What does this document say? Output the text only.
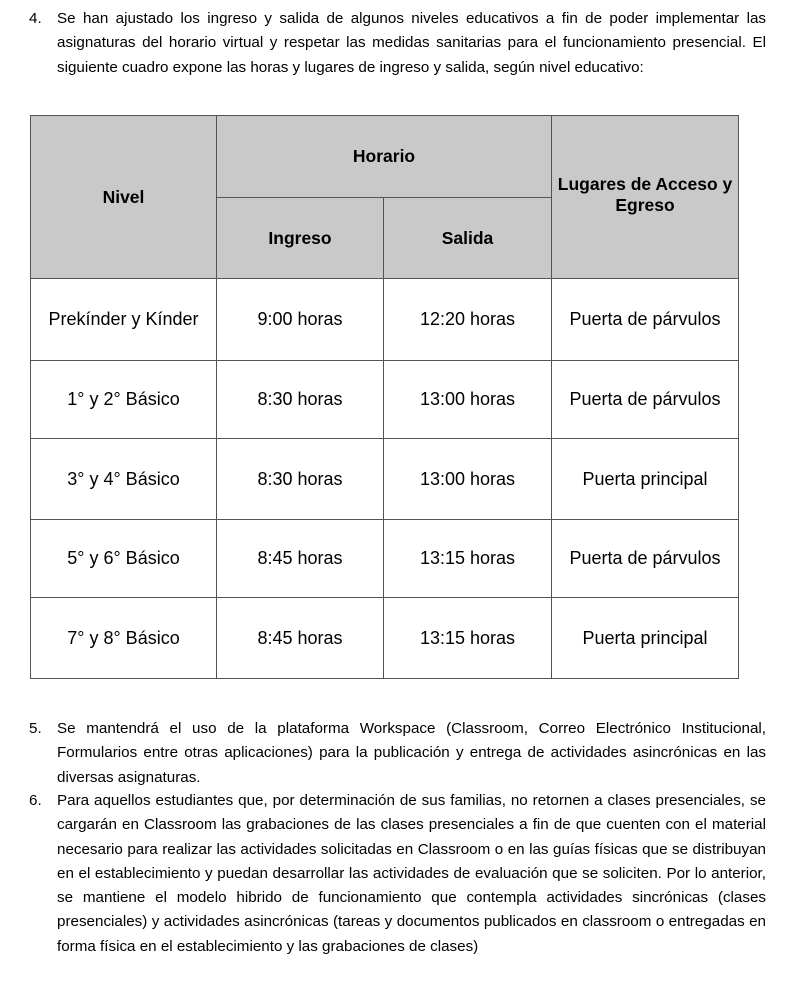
4. Se han ajustado los ingreso y salida de algunos niveles educativos a fin de poder implementar las asignaturas del horario virtual y respetar las medidas sanitarias para el funcionamiento presencial. El siguiente cuadro expone las horas y lugares de ingreso y salida, según nivel educativo:
Nivel	Horario		Lugares de Acceso y Egreso
	Ingreso	Salida	
Prekínder y Kínder	9:00 horas	12:20 horas	Puerta de párvulos
1° y 2° Básico	8:30 horas	13:00 horas	Puerta de párvulos
3° y 4° Básico	8:30 horas	13:00 horas	Puerta principal
5° y 6° Básico	8:45 horas	13:15 horas	Puerta de párvulos
7° y 8° Básico	8:45 horas	13:15 horas	Puerta principal
5. Se mantendrá el uso de la plataforma Workspace (Classroom, Correo Electrónico Institucional, Formularios entre otras aplicaciones) para la publicación y entrega de actividades asincrónicas en las diversas asignaturas.
6. Para aquellos estudiantes que, por determinación de sus familias, no retornen a clases presenciales, se cargarán en Classroom las grabaciones de las clases presenciales a fin de que cuenten con el material necesario para realizar las actividades solicitadas en Classroom o en las guías físicas que se distribuyan en el establecimiento y puedan desarrollar las actividades de evaluación que se soliciten. Por lo anterior, se mantiene el modelo hibrido de funcionamiento que contempla actividades sincrónicas (clases presenciales) y actividades asincrónicas (tareas y documentos publicados en classroom o entregadas en forma física en el establecimiento y las grabaciones de clases)
